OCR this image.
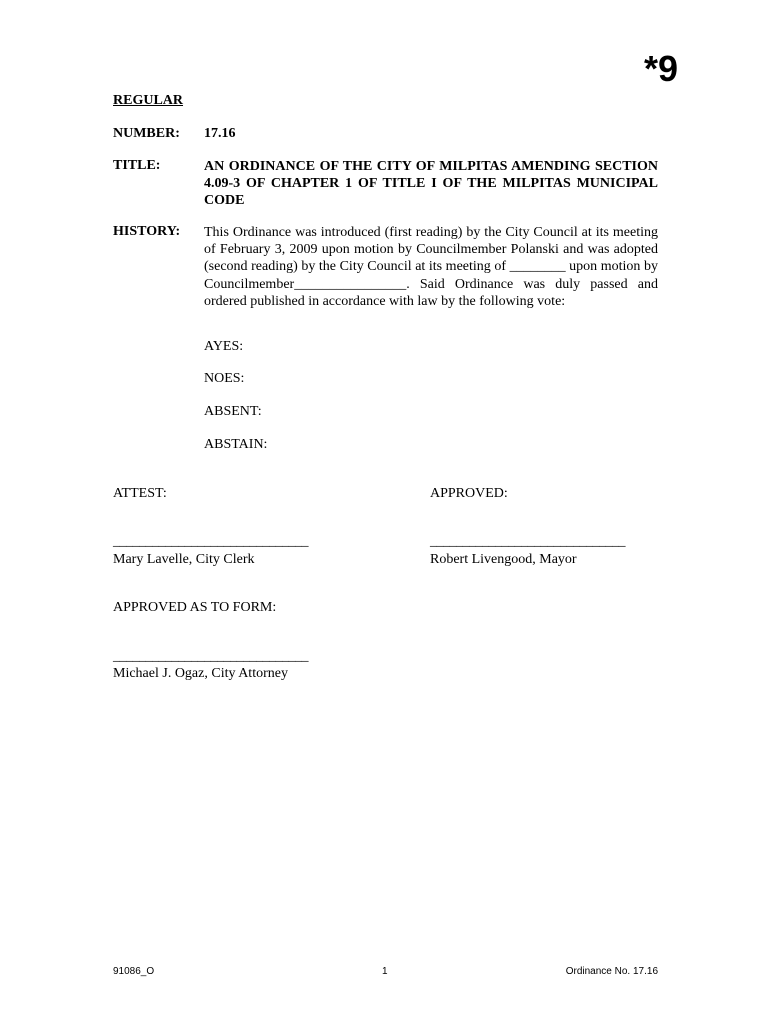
*9
REGULAR
NUMBER: 17.16
TITLE:	AN ORDINANCE OF THE CITY OF MILPITAS AMENDING SECTION 4.09-3 OF CHAPTER 1 OF TITLE I OF THE MILPITAS MUNICIPAL CODE
HISTORY: This Ordinance was introduced (first reading) by the City Council at its meeting of February 3, 2009 upon motion by Councilmember Polanski and was adopted (second reading) by the City Council at its meeting of ________ upon motion by Councilmember________________. Said Ordinance was duly passed and ordered published in accordance with law by the following vote:
AYES:
NOES:
ABSENT:
ABSTAIN:
ATTEST:	APPROVED:
______________________________	______________________________
Mary Lavelle, City Clerk	Robert Livengood, Mayor
APPROVED AS TO FORM:
______________________________
Michael J. Ogaz, City Attorney
91086_O	1	Ordinance No. 17.16
